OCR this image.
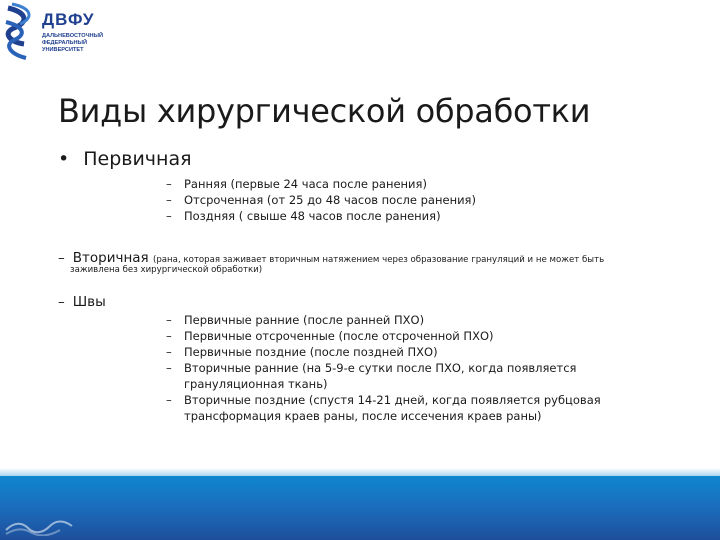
ДВФУ
ДАЛЬНЕВОСТОЧНЫЙ ФЕДЕРАЛЬНЫЙ УНИВЕРСИТЕТ
Виды хирургической обработки
• Первичная
– Ранняя (первые 24 часа после ранения)
– Отсроченная (от 25 до 48 часов после ранения)
– Поздняя ( свыше 48 часов после ранения)
– Вторичная (рана, которая заживает вторичным натяжением через образование грануляций и не может быть
заживлена без хирургической обработки)
– Швы
– Первичные ранние (после ранней ПХО)
– Первичные отсроченные (после отсроченной ПХО)
– Первичные поздние (после поздней ПХО)
– Вторичные ранние (на 5-9-е сутки после ПХО, когда появляется грануляционная ткань)
– Вторичные поздние (спустя 14-21 дней, когда появляется рубцовая трансформация краев раны, после иссечения краев раны)
